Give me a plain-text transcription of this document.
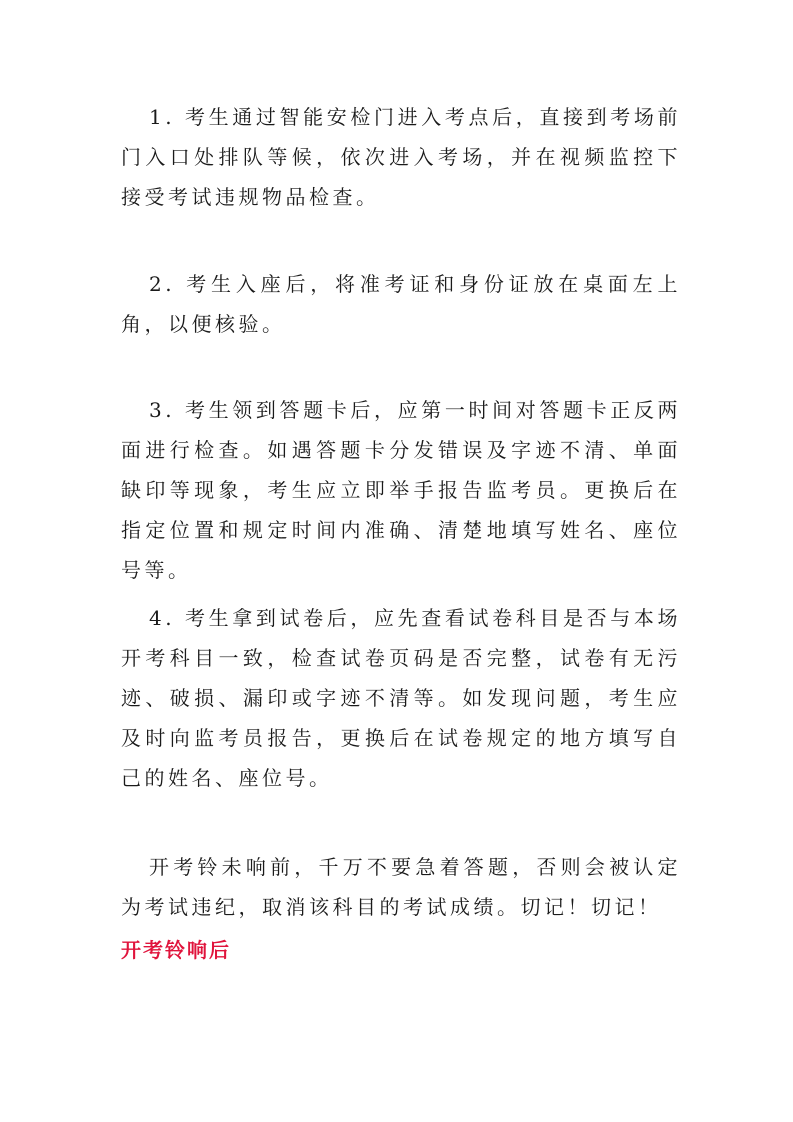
1. 考生通过智能安检门进入考点后，直接到考场前门入口处排队等候，依次进入考场，并在视频监控下接受考试违规物品检查。

2. 考生入座后，将准考证和身份证放在桌面左上角，以便核验。

3. 考生领到答题卡后，应第一时间对答题卡正反两面进行检查。如遇答题卡分发错误及字迹不清、单面缺印等现象，考生应立即举手报告监考员。更换后在指定位置和规定时间内准确、清楚地填写姓名、座位号等。

4. 考生拿到试卷后，应先查看试卷科目是否与本场开考科目一致，检查试卷页码是否完整，试卷有无污迹、破损、漏印或字迹不清等。如发现问题，考生应及时向监考员报告，更换后在试卷规定的地方填写自己的姓名、座位号。

开考铃未响前，千万不要急着答题，否则会被认定为考试违纪，取消该科目的考试成绩。切记！切记！

开考铃响后
